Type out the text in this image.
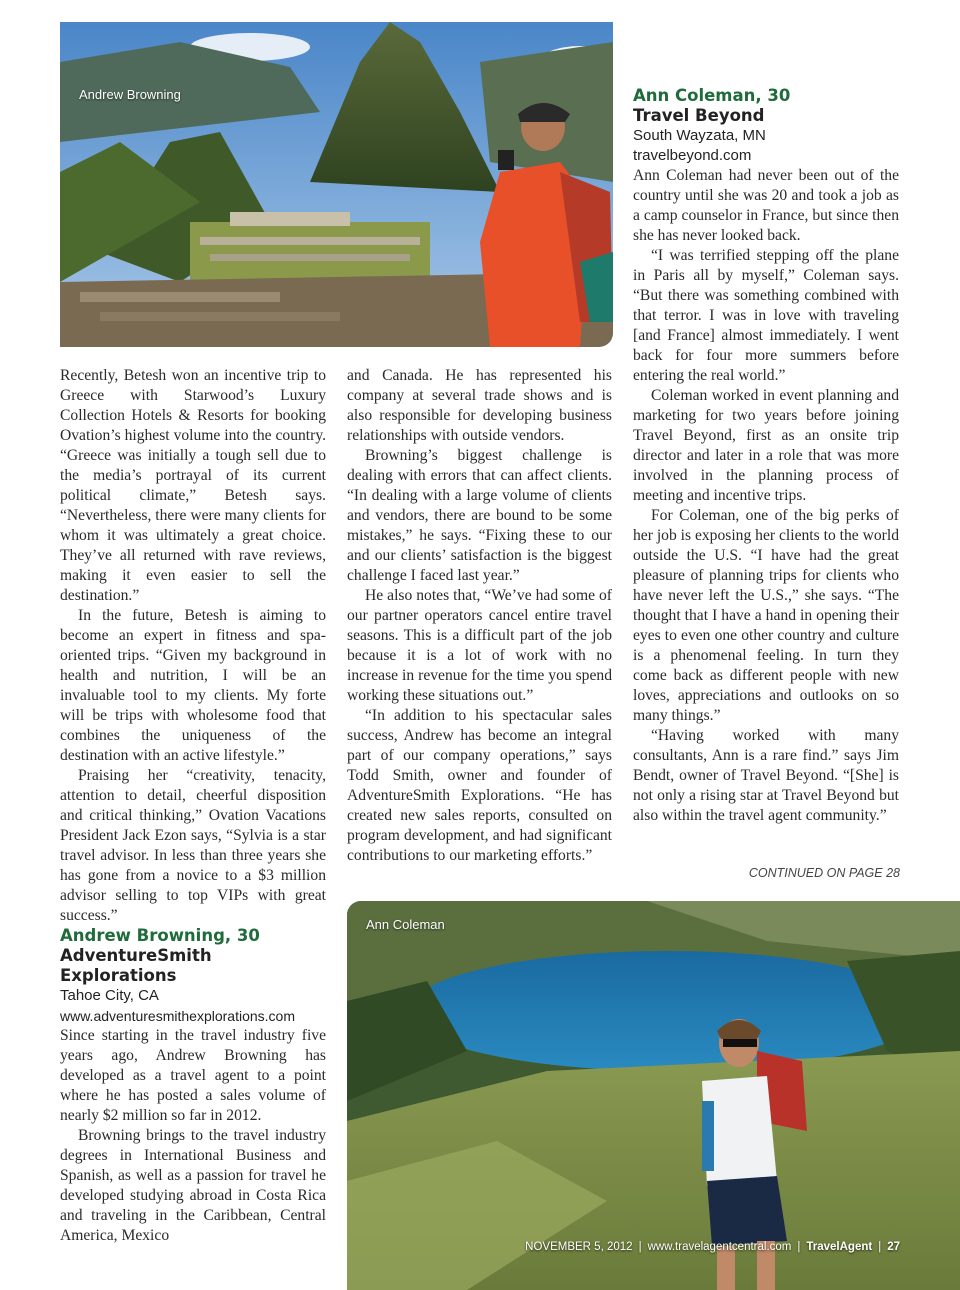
Andrew Browning

Recently, Betesh won an incentive trip to Greece with Starwood’s Luxury Collection Hotels & Resorts for booking Ovation’s highest volume into the country. “Greece was initially a tough sell due to the media’s portrayal of its current political climate,” Betesh says. “Nevertheless, there were many clients for whom it was ultimately a great choice. They’ve all returned with rave reviews, making it even easier to sell the destination.”

In the future, Betesh is aiming to become an expert in fitness and spa-oriented trips. “Given my background in health and nutrition, I will be an invaluable tool to my clients. My forte will be trips with wholesome food that combines the uniqueness of the destination with an active lifestyle.”

Praising her “creativity, tenacity, attention to detail, cheerful disposition and critical thinking,” Ovation Vacations President Jack Ezon says, “Sylvia is a star travel advisor. In less than three years she has gone from a novice to a $3 million advisor selling to top VIPs with great success.”

Andrew Browning, 30
AdventureSmith Explorations
Tahoe City, CA
www.adventuresmithexplorations.com

Since starting in the travel industry five years ago, Andrew Browning has developed as a travel agent to a point where he has posted a sales volume of nearly $2 million so far in 2012.

Browning brings to the travel industry degrees in International Business and Spanish, as well as a passion for travel he developed studying abroad in Costa Rica and traveling in the Caribbean, Central America, Mexico

and Canada. He has represented his company at several trade shows and is also responsible for developing business relationships with outside vendors.

Browning’s biggest challenge is dealing with errors that can affect clients. “In dealing with a large volume of clients and vendors, there are bound to be some mistakes,” he says. “Fixing these to our and our clients’ satisfaction is the biggest challenge I faced last year.”

He also notes that, “We’ve had some of our partner operators cancel entire travel seasons. This is a difficult part of the job because it is a lot of work with no increase in revenue for the time you spend working these situations out.”

“In addition to his spectacular sales success, Andrew has become an integral part of our company operations,” says Todd Smith, owner and founder of AdventureSmith Explorations. “He has created new sales reports, consulted on program development, and had significant contributions to our marketing efforts.”

Ann Coleman, 30
Travel Beyond
South Wayzata, MN
travelbeyond.com

Ann Coleman had never been out of the country until she was 20 and took a job as a camp counselor in France, but since then she has never looked back.

“I was terrified stepping off the plane in Paris all by myself,” Coleman says. “But there was something combined with that terror. I was in love with traveling [and France] almost immediately. I went back for four more summers before entering the real world.”

Coleman worked in event planning and marketing for two years before joining Travel Beyond, first as an onsite trip director and later in a role that was more involved in the planning process of meeting and incentive trips.

For Coleman, one of the big perks of her job is exposing her clients to the world outside the U.S. “I have had the great pleasure of planning trips for clients who have never left the U.S.,” she says. “The thought that I have a hand in opening their eyes to even one other country and culture is a phenomenal feeling. In turn they come back as different people with new loves, appreciations and outlooks on so many things.”

“Having worked with many consultants, Ann is a rare find.” says Jim Bendt, owner of Travel Beyond. “[She] is not only a rising star at Travel Beyond but also within the travel agent community.”

CONTINUED ON PAGE 28
Ann Coleman
NOVEMBER 5, 2012 | www.travelagentcentral.com | TravelAgent | 27
